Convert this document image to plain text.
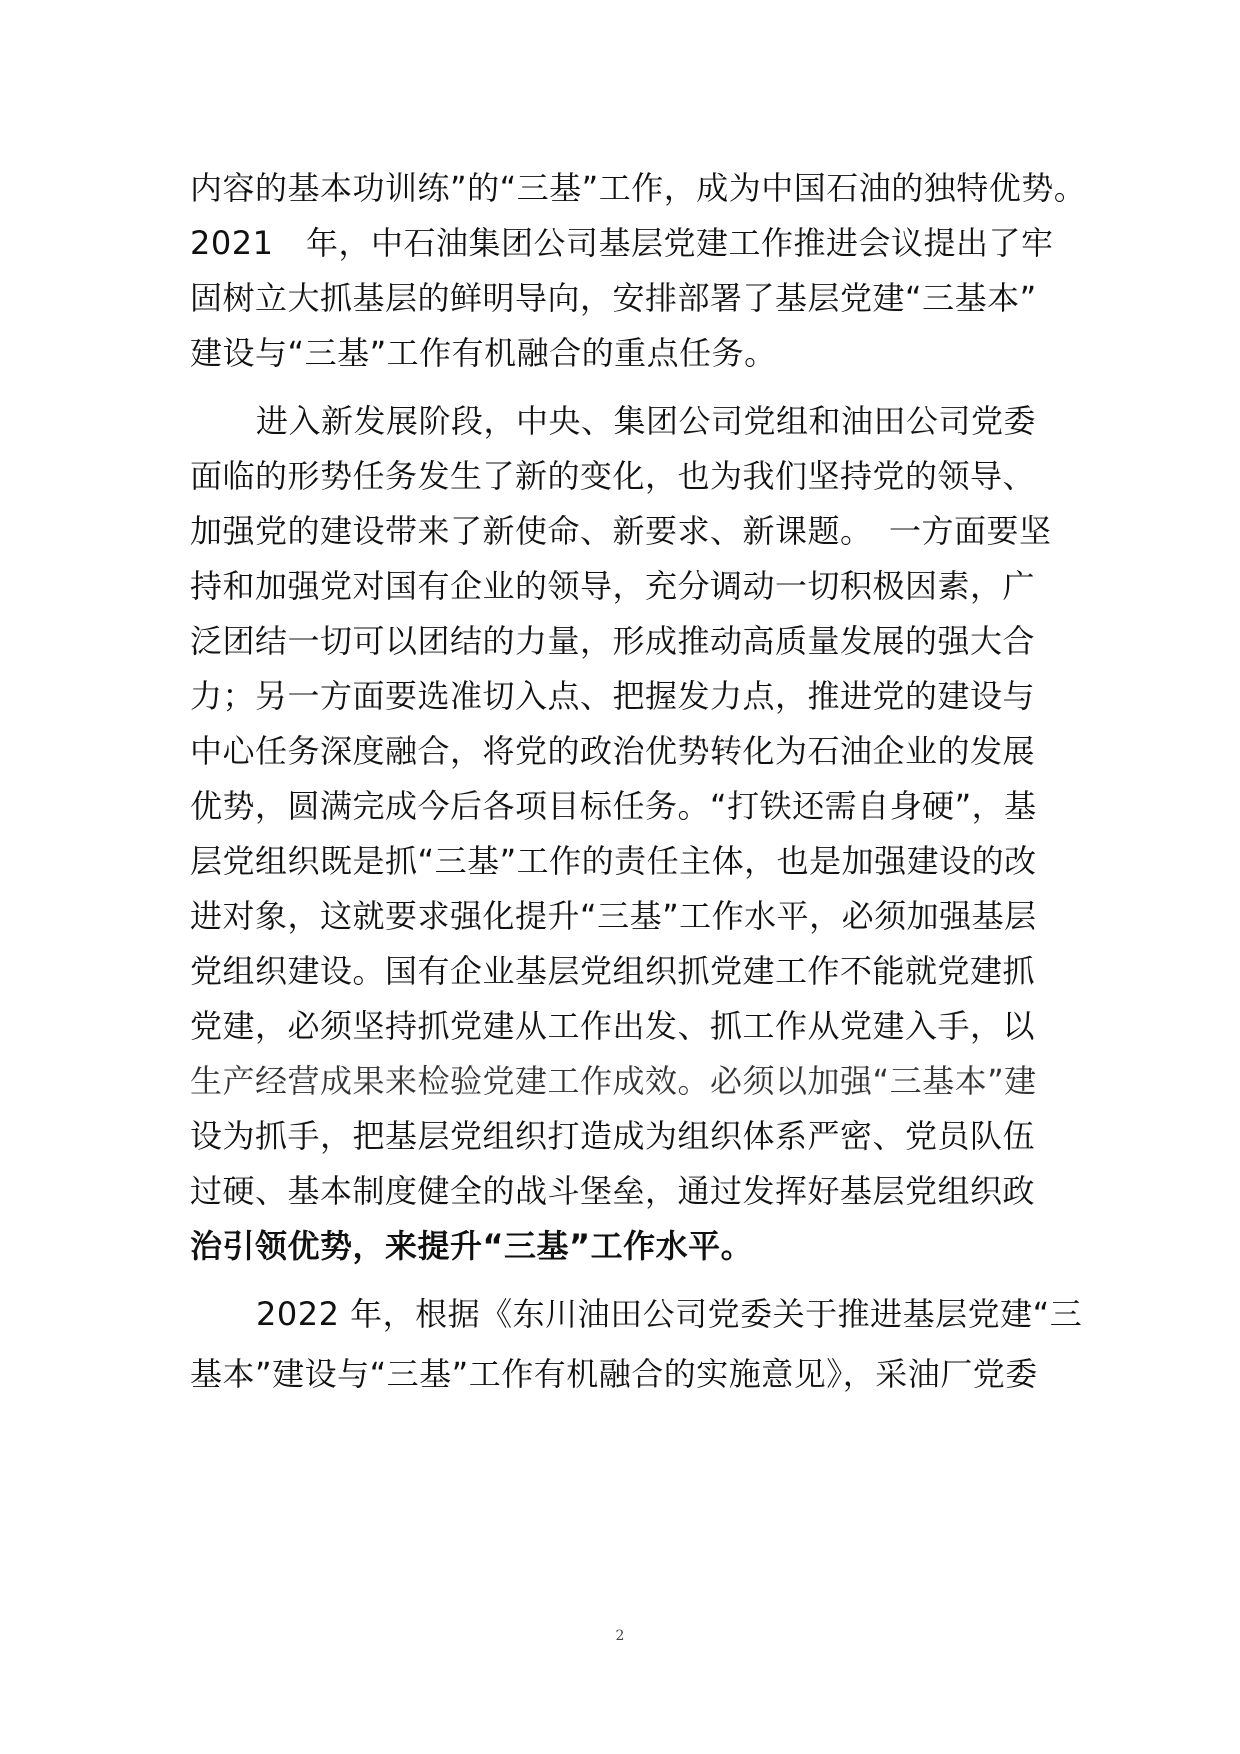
内容的基本功训练”的“三基”工作，成为中国石油的独特优势。
2021　年，中石油集团公司基层党建工作推进会议提出了牢
固树立大抓基层的鲜明导向，安排部署了基层党建“三基本”
建设与“三基”工作有机融合的重点任务。
进入新发展阶段，中央、集团公司党组和油田公司党委
面临的形势任务发生了新的变化，也为我们坚持党的领导、
加强党的建设带来了新使命、新要求、新课题。　一方面要坚
持和加强党对国有企业的领导，充分调动一切积极因素，广
泛团结一切可以团结的力量，形成推动高质量发展的强大合
力；另一方面要选准切入点、把握发力点，推进党的建设与
中心任务深度融合，将党的政治优势转化为石油企业的发展
优势，圆满完成今后各项目标任务。“打铁还需自身硬”，基
层党组织既是抓“三基”工作的责任主体，也是加强建设的改
进对象，这就要求强化提升“三基”工作水平，必须加强基层
党组织建设。国有企业基层党组织抓党建工作不能就党建抓
党建，必须坚持抓党建从工作出发、抓工作从党建入手，以
生产经营成果来检验党建工作成效。必须以加强“三基本”建
设为抓手，把基层党组织打造成为组织体系严密、党员队伍
过硬、基本制度健全的战斗堡垒，通过发挥好基层党组织政
治引领优势，来提升“三基”工作水平。
2022 年，根据《东川油田公司党委关于推进基层党建“三
基本”建设与“三基”工作有机融合的实施意见》，采油厂党委
2
